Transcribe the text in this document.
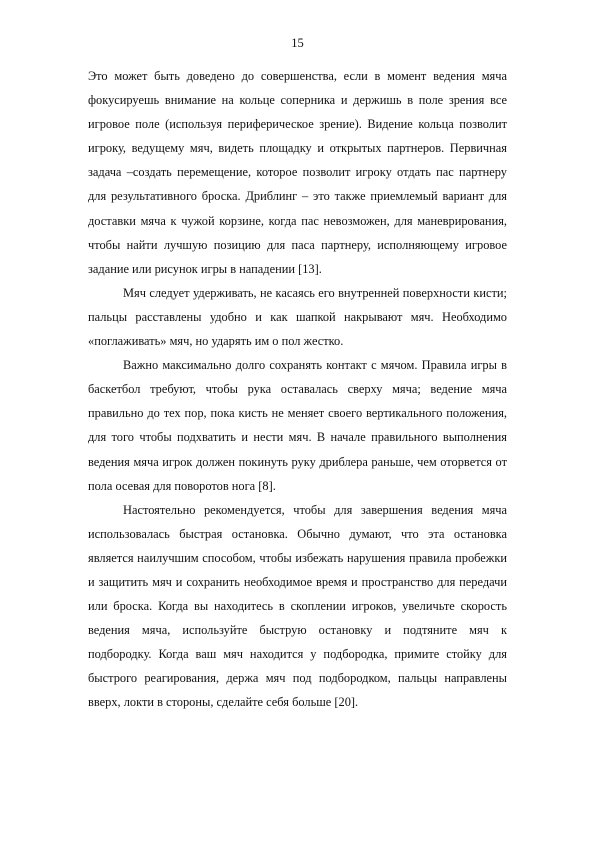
15
Это может быть доведено до совершенства, если в момент ведения мяча
фокусируешь внимание на кольце соперника и держишь в поле зрения все
игровое поле (используя периферическое зрение). Видение кольца позволит
игроку, ведущему мяч, видеть площадку и открытых партнеров. Первичная
задача –создать перемещение, которое позволит игроку отдать пас партнеру
для результативного броска. Дриблинг – это также приемлемый вариант для
доставки мяча к чужой корзине, когда пас невозможен, для маневрирования,
чтобы найти лучшую позицию для паса партнеру, исполняющему игровое
задание или рисунок игры в нападении [13].
Мяч следует удерживать, не касаясь его внутренней поверхности кисти;
пальцы расставлены удобно и как шапкой накрывают мяч. Необходимо
«поглаживать» мяч, но ударять им о пол жестко.
Важно максимально долго сохранять контакт с мячом. Правила игры в
баскетбол требуют, чтобы рука оставалась сверху мяча; ведение мяча
правильно до тех пор, пока кисть не меняет своего вертикального положения,
для того чтобы подхватить и нести мяч. В начале правильного выполнения
ведения мяча игрок должен покинуть руку дриблера раньше, чем оторвется от
пола осевая для поворотов нога [8].
Настоятельно рекомендуется, чтобы для завершения ведения мяча
использовалась быстрая остановка. Обычно думают, что эта остановка
является наилучшим способом, чтобы избежать нарушения правила пробежки
и защитить мяч и сохранить необходимое время и пространство для передачи
или броска. Когда вы находитесь в скоплении игроков, увеличьте скорость
ведения мяча, используйте быструю остановку и подтяните мяч к
подбородку. Когда ваш мяч находится у подбородка, примите стойку для
быстрого реагирования, держа мяч под подбородком, пальцы направлены
вверх, локти в стороны, сделайте себя больше [20].
